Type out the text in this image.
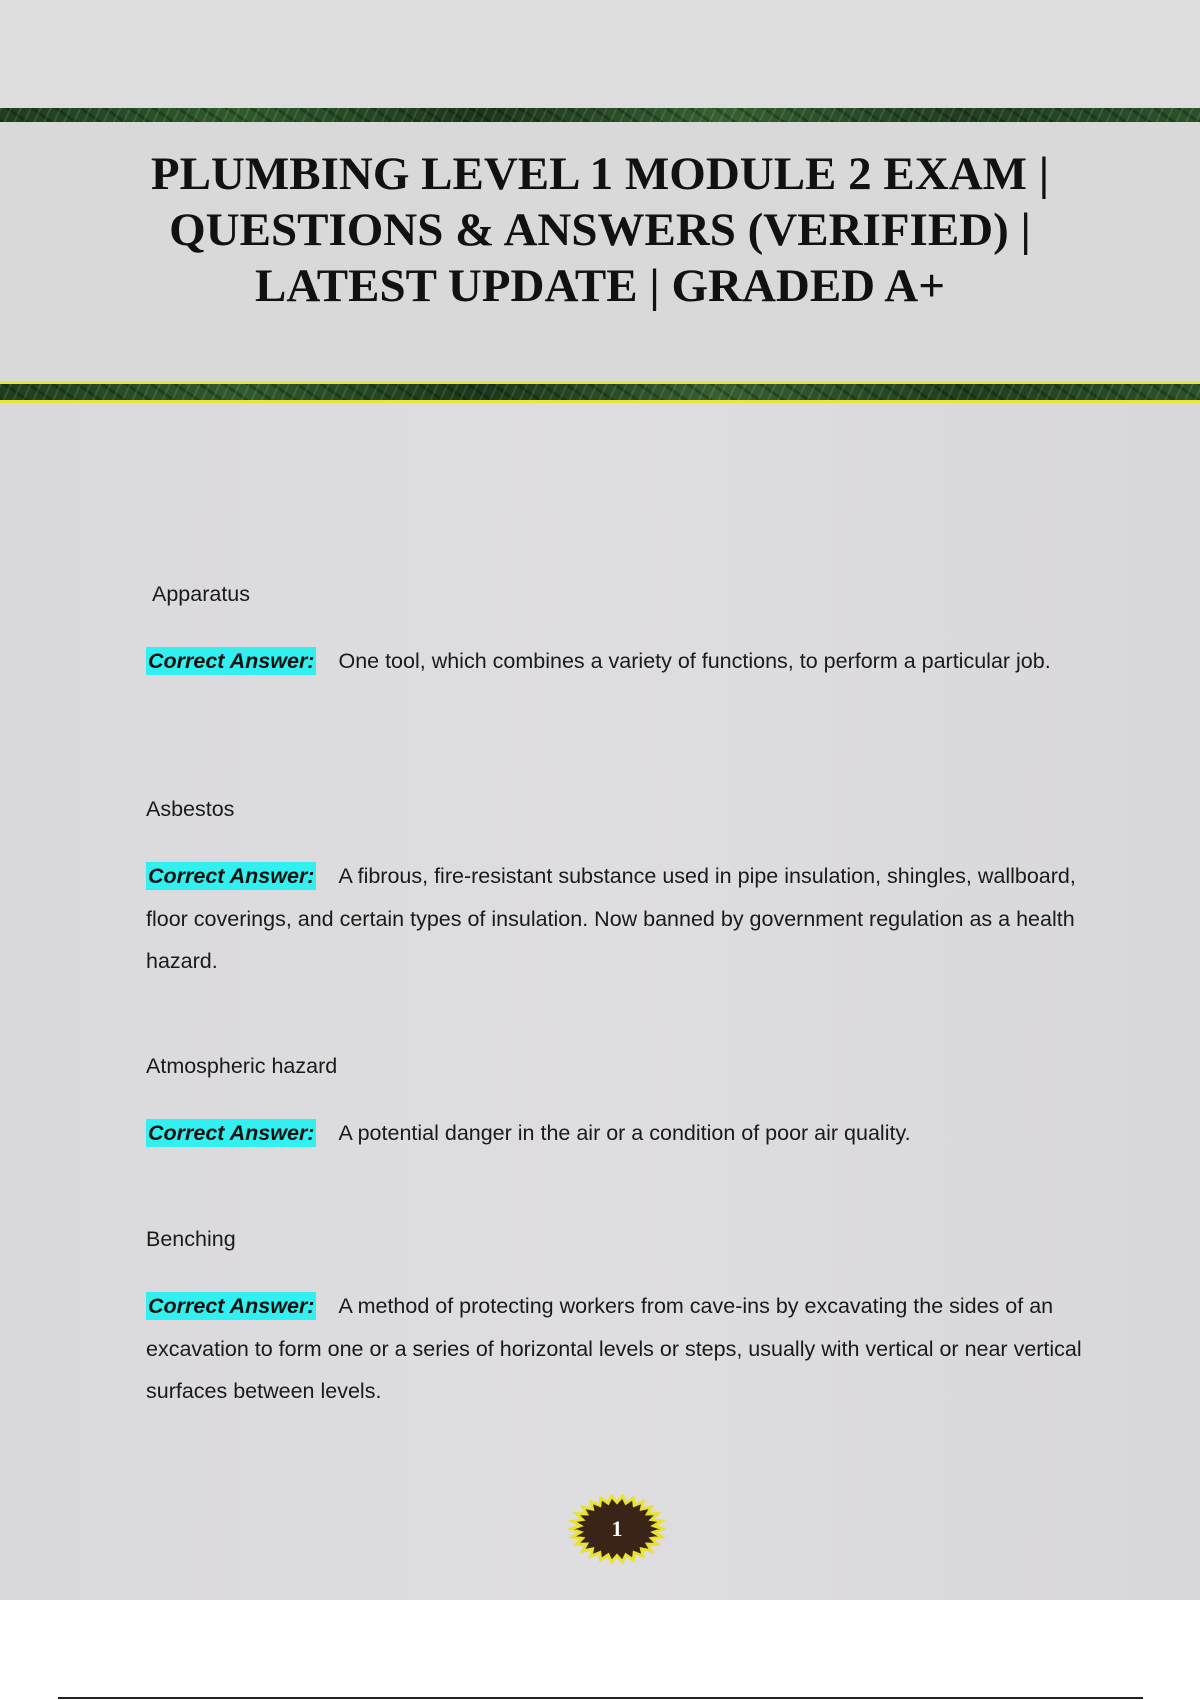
PLUMBING LEVEL 1 MODULE 2 EXAM | QUESTIONS & ANSWERS (VERIFIED) | LATEST UPDATE | GRADED A+
Apparatus

Correct Answer: One tool, which combines a variety of functions, to perform a particular job.

Asbestos

Correct Answer: A fibrous, fire-resistant substance used in pipe insulation, shingles, wallboard, floor coverings, and certain types of insulation. Now banned by government regulation as a health hazard.

Atmospheric hazard

Correct Answer: A potential danger in the air or a condition of poor air quality.

Benching

Correct Answer: A method of protecting workers from cave-ins by excavating the sides of an excavation to form one or a series of horizontal levels or steps, usually with vertical or near vertical surfaces between levels.

1
